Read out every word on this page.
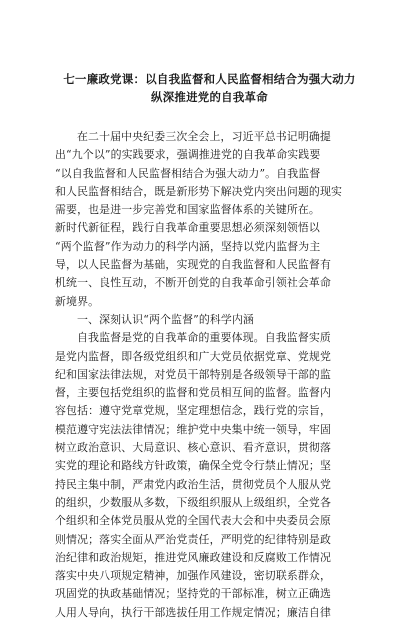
七一廉政党课：以自我监督和人民监督相结合为强大动力
纵深推进党的自我革命
在二十届中央纪委三次全会上，习近平总书记明确提
出“九个以”的实践要求，强调推进党的自我革命实践要
“以自我监督和人民监督相结合为强大动力”。自我监督
和人民监督相结合，既是新形势下解决党内突出问题的现实
需要，也是进一步完善党和国家监督体系的关键所在。
新时代新征程，践行自我革命重要思想必须深刻领悟以
“两个监督”作为动力的科学内涵，坚持以党内监督为主
导，以人民监督为基础，实现党的自我监督和人民监督有
机统一、良性互动，不断开创党的自我革命引领社会革命
新境界。
一、深刻认识“两个监督”的科学内涵
自我监督是党的自我革命的重要体现。自我监督实质
是党内监督，即各级党组织和广大党员依据党章、党规党
纪和国家法律法规，对党员干部特别是各级领导干部的监
督，主要包括党组织的监督和党员相互间的监督。监督内
容包括：遵守党章党规，坚定理想信念，践行党的宗旨，
模范遵守宪法法律情况；维护党中央集中统一领导，牢固
树立政治意识、大局意识、核心意识、看齐意识，贯彻落
实党的理论和路线方针政策，确保全党令行禁止情况；坚
持民主集中制，严肃党内政治生活，贯彻党员个人服从党
的组织，少数服从多数，下级组织服从上级组织，全党各
个组织和全体党员服从党的全国代表大会和中央委员会原
则情况；落实全面从严治党责任，严明党的纪律特别是政
治纪律和政治规矩，推进党风廉政建设和反腐败工作情况
落实中央八项规定精神，加强作风建设，密切联系群众，
巩固党的执政基础情况；坚持党的干部标准，树立正确选
人用人导向，执行干部选拔任用工作规定情况；廉洁自律
